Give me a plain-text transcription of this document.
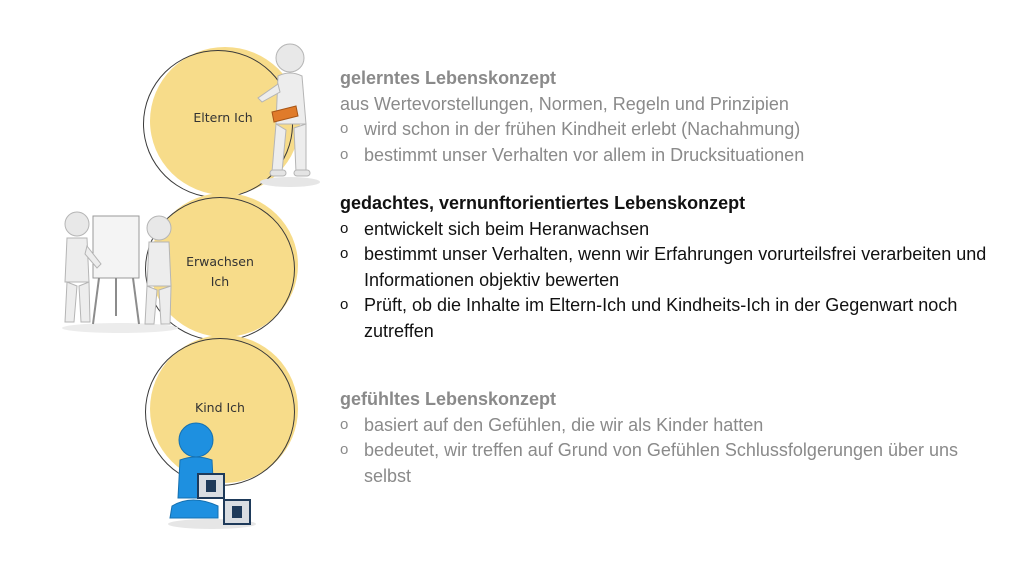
Eltern Ich
Erwachsen
Ich
Kind Ich
gelerntes Lebenskonzept
aus Wertevorstellungen, Normen, Regeln und Prinzipien
o wird schon in der frühen Kindheit erlebt (Nachahmung)
o bestimmt unser Verhalten vor allem in Drucksituationen
gedachtes, vernunftorientiertes Lebenskonzept
o entwickelt sich beim Heranwachsen
o bestimmt unser Verhalten, wenn wir Erfahrungen vorurteilsfrei verarbeiten und Informationen objektiv bewerten
o Prüft, ob die Inhalte im Eltern-Ich und Kindheits-Ich in der Gegenwart noch zutreffen
gefühltes Lebenskonzept
o basiert auf den Gefühlen, die wir als Kinder hatten
o bedeutet, wir treffen auf Grund von Gefühlen Schlussfolgerungen über uns selbst
